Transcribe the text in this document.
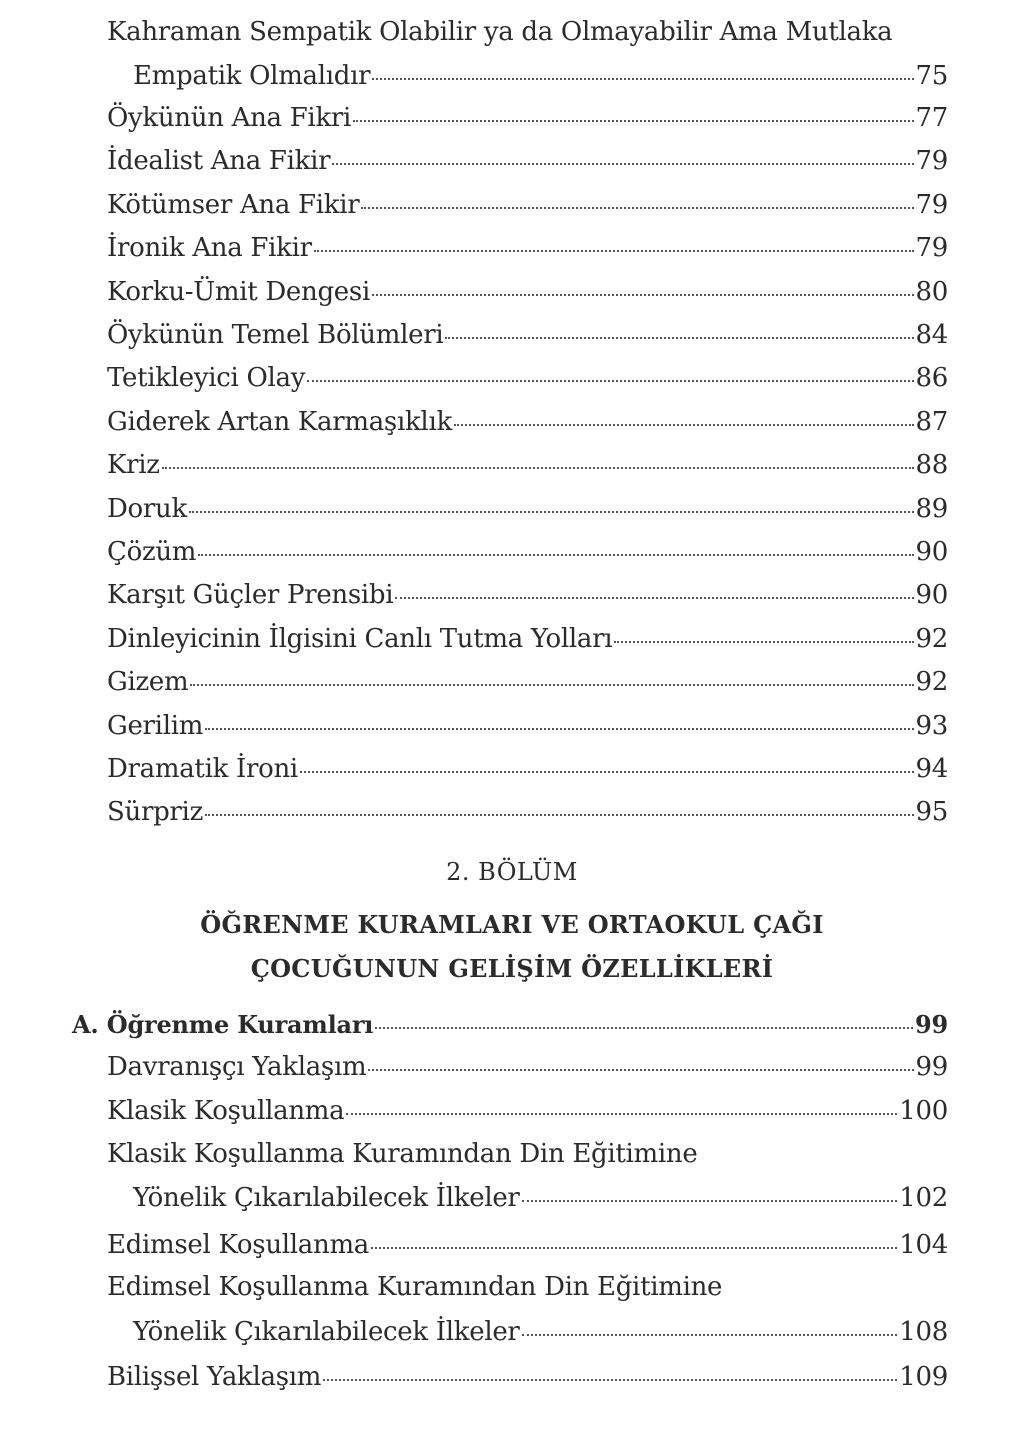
Kahraman Sempatik Olabilir ya da Olmayabilir Ama Mutlaka
Empatik Olmalıdır	75
Öykünün Ana Fikri	77
İdealist Ana Fikir	79
Kötümser Ana Fikir	79
İronik Ana Fikir	79
Korku-Ümit Dengesi	80
Öykünün Temel Bölümleri	84
Tetikleyici Olay	86
Giderek Artan Karmaşıklık	87
Kriz	88
Doruk	89
Çözüm	90
Karşıt Güçler Prensibi	90
Dinleyicinin İlgisini Canlı Tutma Yolları	92
Gizem	92
Gerilim	93
Dramatik İroni	94
Sürpriz	95
2. BÖLÜM
ÖĞRENME KURAMLARI VE ORTAOKUL ÇAĞI
ÇOCUĞUNUN GELİŞİM ÖZELLİKLERİ
A. Öğrenme Kuramları	99
Davranışçı Yaklaşım	99
Klasik Koşullanma	100
Klasik Koşullanma Kuramından Din Eğitimine
Yönelik Çıkarılabilecek İlkeler	102
Edimsel Koşullanma	104
Edimsel Koşullanma Kuramından Din Eğitimine
Yönelik Çıkarılabilecek İlkeler	108
Bilişsel Yaklaşım	109
